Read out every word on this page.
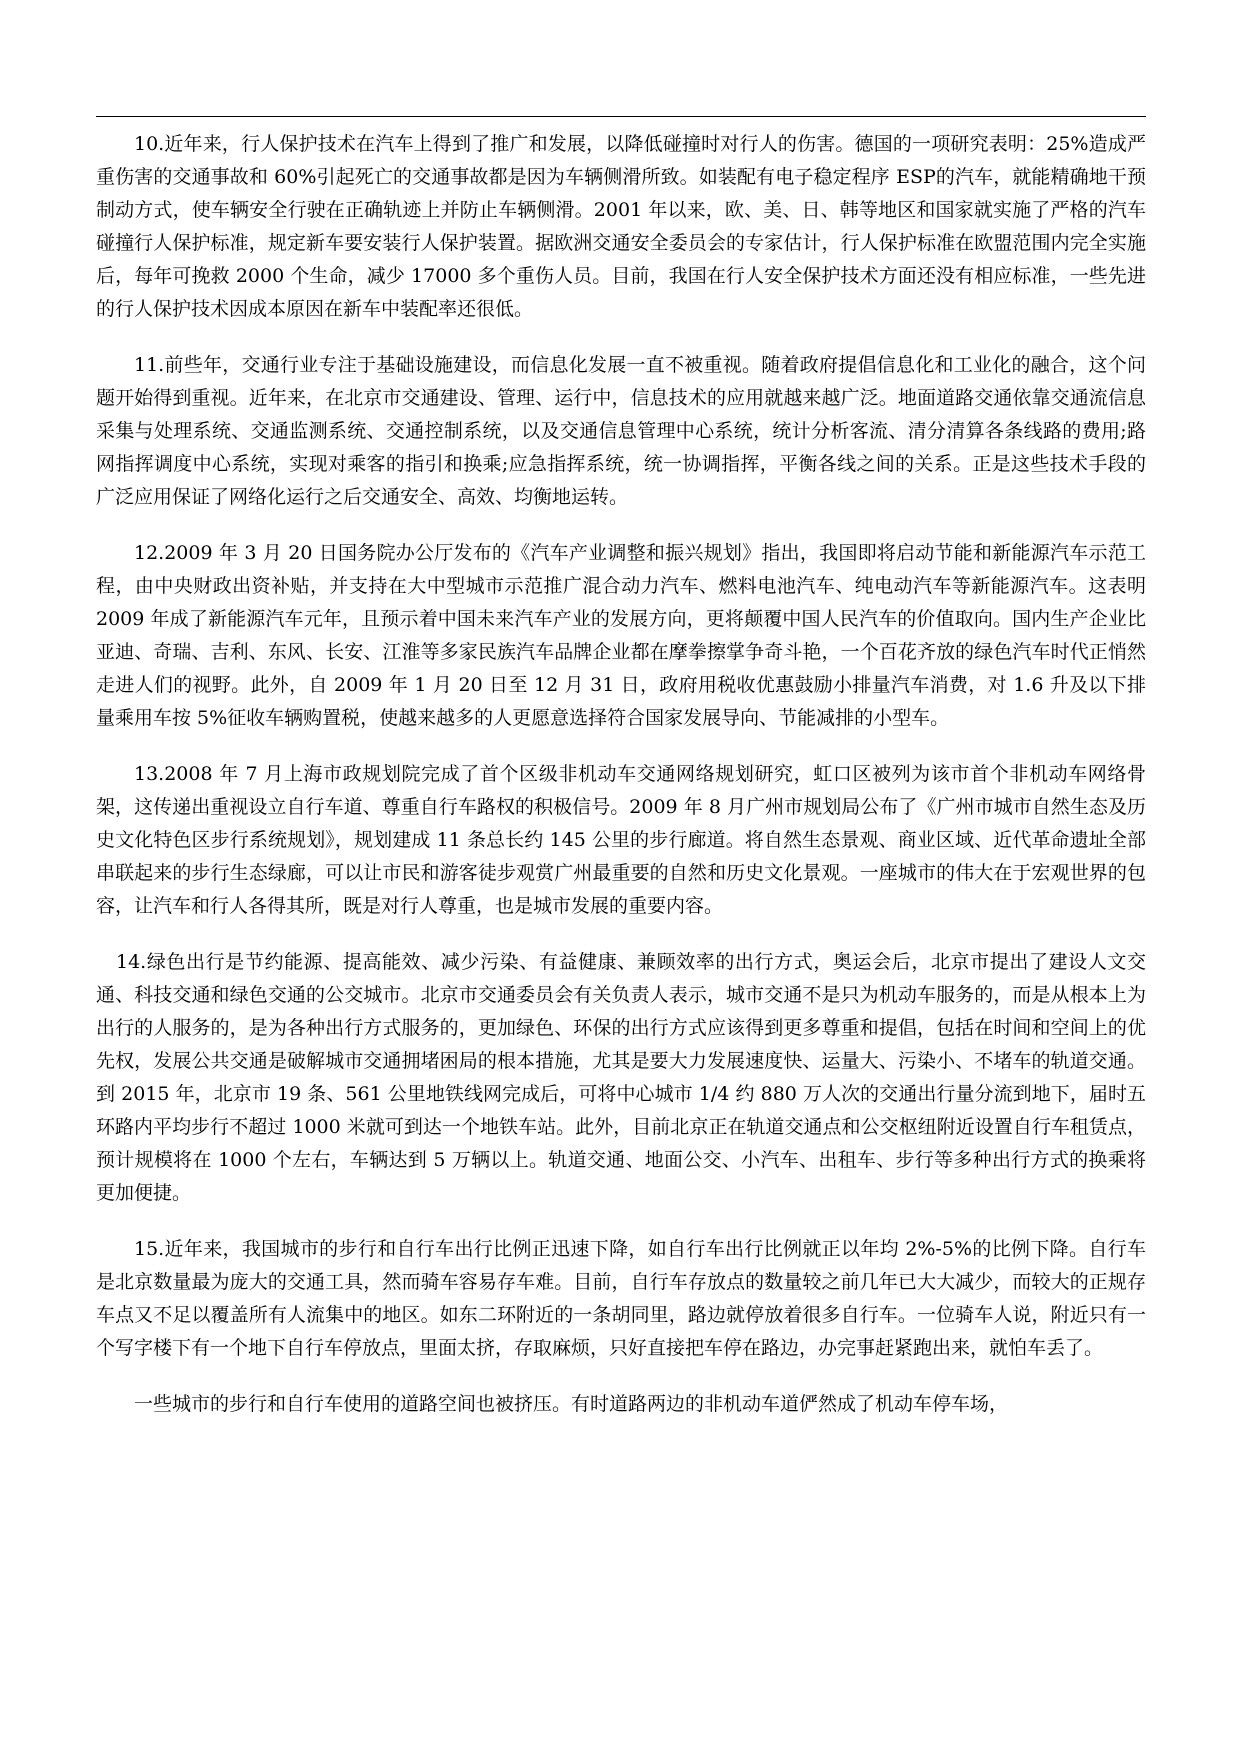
10.近年来，行人保护技术在汽车上得到了推广和发展，以降低碰撞时对行人的伤害。德国的一项研究表明：25%造成严重伤害的交通事故和 60%引起死亡的交通事故都是因为车辆侧滑所致。如装配有电子稳定程序 ESP的汽车，就能精确地干预制动方式，使车辆安全行驶在正确轨迹上并防止车辆侧滑。2001 年以来，欧、美、日、韩等地区和国家就实施了严格的汽车碰撞行人保护标准，规定新车要安装行人保护装置。据欧洲交通安全委员会的专家估计，行人保护标准在欧盟范围内完全实施后，每年可挽救 2000 个生命，减少 17000 多个重伤人员。目前，我国在行人安全保护技术方面还没有相应标准，一些先进的行人保护技术因成本原因在新车中装配率还很低。

11.前些年，交通行业专注于基础设施建设，而信息化发展一直不被重视。随着政府提倡信息化和工业化的融合，这个问题开始得到重视。近年来，在北京市交通建设、管理、运行中，信息技术的应用就越来越广泛。地面道路交通依靠交通流信息采集与处理系统、交通监测系统、交通控制系统，以及交通信息管理中心系统，统计分析客流、清分清算各条线路的费用;路网指挥调度中心系统，实现对乘客的指引和换乘;应急指挥系统，统一协调指挥，平衡各线之间的关系。正是这些技术手段的广泛应用保证了网络化运行之后交通安全、高效、均衡地运转。

12.2009 年 3 月 20 日国务院办公厅发布的《汽车产业调整和振兴规划》指出，我国即将启动节能和新能源汽车示范工程，由中央财政出资补贴，并支持在大中型城市示范推广混合动力汽车、燃料电池汽车、纯电动汽车等新能源汽车。这表明 2009 年成了新能源汽车元年，且预示着中国未来汽车产业的发展方向，更将颠覆中国人民汽车的价值取向。国内生产企业比亚迪、奇瑞、吉利、东风、长安、江淮等多家民族汽车品牌企业都在摩拳擦掌争奇斗艳，一个百花齐放的绿色汽车时代正悄然走进人们的视野。此外，自 2009 年 1 月 20 日至 12 月 31 日，政府用税收优惠鼓励小排量汽车消费，对 1.6 升及以下排量乘用车按 5%征收车辆购置税，使越来越多的人更愿意选择符合国家发展导向、节能减排的小型车。

13.2008 年 7 月上海市政规划院完成了首个区级非机动车交通网络规划研究，虹口区被列为该市首个非机动车网络骨架，这传递出重视设立自行车道、尊重自行车路权的积极信号。2009 年 8 月广州市规划局公布了《广州市城市自然生态及历史文化特色区步行系统规划》，规划建成 11 条总长约 145 公里的步行廊道。将自然生态景观、商业区域、近代革命遗址全部串联起来的步行生态绿廊，可以让市民和游客徒步观赏广州最重要的自然和历史文化景观。一座城市的伟大在于宏观世界的包容，让汽车和行人各得其所，既是对行人尊重，也是城市发展的重要内容。

14.绿色出行是节约能源、提高能效、减少污染、有益健康、兼顾效率的出行方式，奥运会后，北京市提出了建设人文交通、科技交通和绿色交通的公交城市。北京市交通委员会有关负责人表示，城市交通不是只为机动车服务的，而是从根本上为出行的人服务的，是为各种出行方式服务的，更加绿色、环保的出行方式应该得到更多尊重和提倡，包括在时间和空间上的优先权，发展公共交通是破解城市交通拥堵困局的根本措施，尤其是要大力发展速度快、运量大、污染小、不堵车的轨道交通。到 2015 年，北京市 19 条、561 公里地铁线网完成后，可将中心城市 1/4 约 880 万人次的交通出行量分流到地下，届时五环路内平均步行不超过 1000 米就可到达一个地铁车站。此外，目前北京正在轨道交通点和公交枢纽附近设置自行车租赁点，预计规模将在 1000 个左右，车辆达到 5 万辆以上。轨道交通、地面公交、小汽车、出租车、步行等多种出行方式的换乘将更加便捷。

15.近年来，我国城市的步行和自行车出行比例正迅速下降，如自行车出行比例就正以年均 2%-5%的比例下降。自行车是北京数量最为庞大的交通工具，然而骑车容易存车难。目前，自行车存放点的数量较之前几年已大大减少，而较大的正规存车点又不足以覆盖所有人流集中的地区。如东二环附近的一条胡同里，路边就停放着很多自行车。一位骑车人说，附近只有一个写字楼下有一个地下自行车停放点，里面太挤，存取麻烦，只好直接把车停在路边，办完事赶紧跑出来，就怕车丢了。

一些城市的步行和自行车使用的道路空间也被挤压。有时道路两边的非机动车道俨然成了机动车停车场，
